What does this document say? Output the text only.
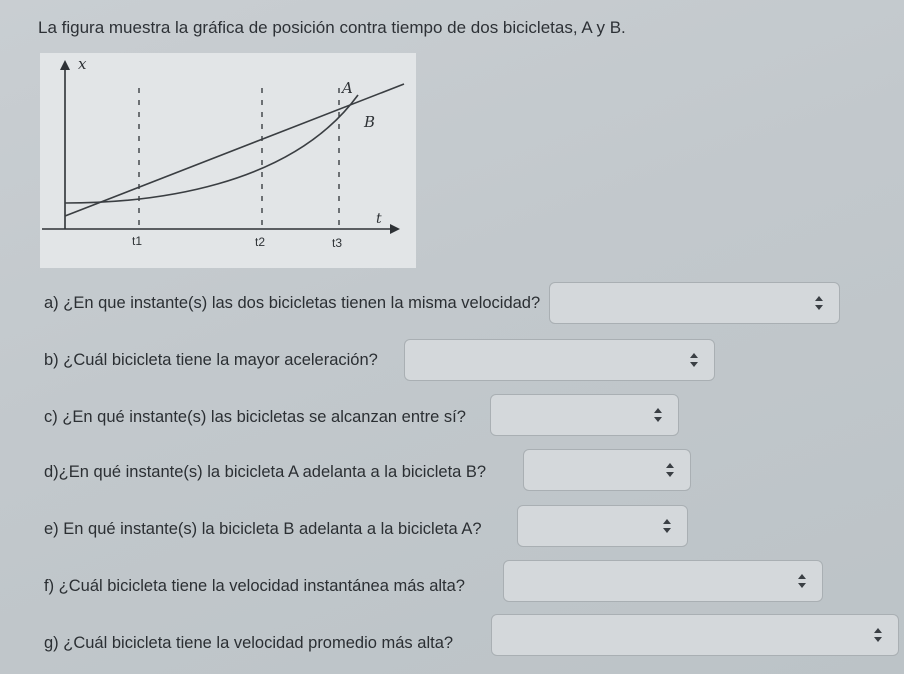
La figura muestra la gráfica de posición contra tiempo de dos bicicletas, A y B.
x
A
B
t
t1	t2	t3
a) ¿En que instante(s) las dos bicicletas tienen la misma velocidad?
b) ¿Cuál bicicleta tiene la mayor aceleración?
c) ¿En qué instante(s) las bicicletas se alcanzan entre sí?
d)¿En qué instante(s) la bicicleta A adelanta a la bicicleta B?
e) En qué instante(s) la bicicleta B adelanta a la bicicleta A?
f) ¿Cuál bicicleta tiene la velocidad instantánea más alta?
g) ¿Cuál bicicleta tiene la velocidad promedio más alta?
